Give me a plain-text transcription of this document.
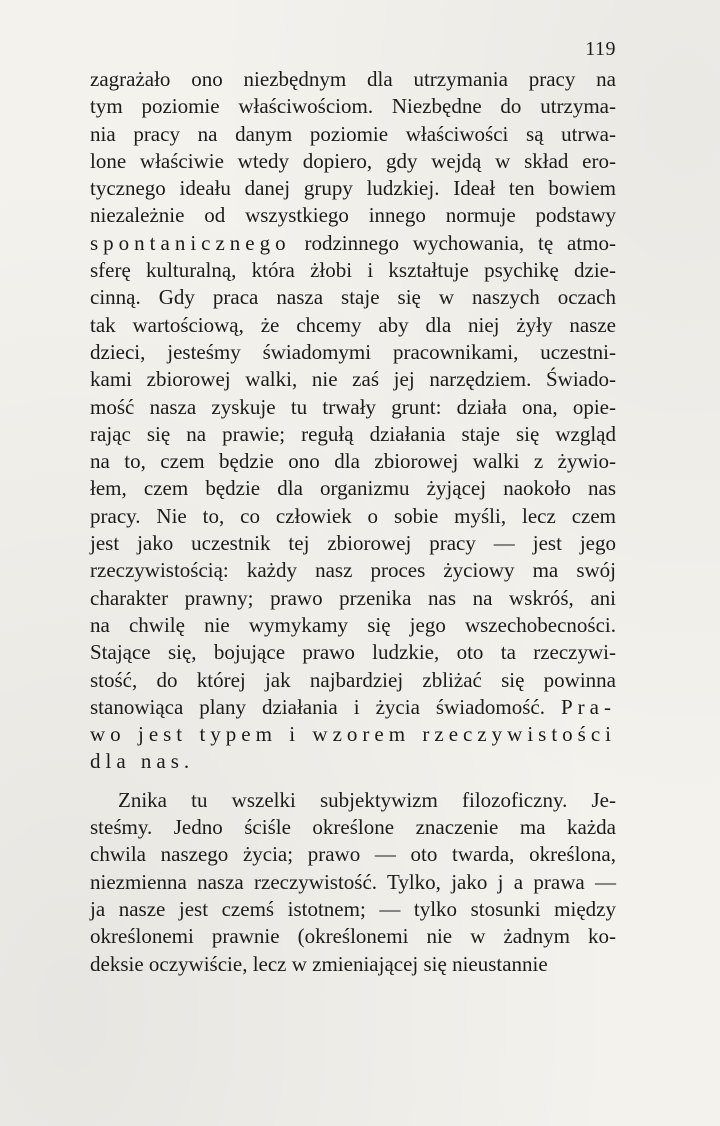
119
zagrażało ono niezbędnym dla utrzymania pracy na
tym poziomie właściwościom. Niezbędne do utrzyma-
nia pracy na danym poziomie właściwości są utrwa-
lone właściwie wtedy dopiero, gdy wejdą w skład ero-
tycznego ideału danej grupy ludzkiej. Ideał ten bowiem
niezależnie od wszystkiego innego normuje podstawy
spontanicznego rodzinnego wychowania, tę atmo-
sferę kulturalną, która żłobi i kształtuje psychikę dzie-
cinną. Gdy praca nasza staje się w naszych oczach
tak wartościową, że chcemy aby dla niej żyły nasze
dzieci, jesteśmy świadomymi pracownikami, uczestni-
kami zbiorowej walki, nie zaś jej narzędziem. Świado-
mość nasza zyskuje tu trwały grunt: działa ona, opie-
rając się na prawie; regułą działania staje się wzgląd
na to, czem będzie ono dla zbiorowej walki z żywio-
łem, czem będzie dla organizmu żyjącej naokoło nas
pracy. Nie to, co człowiek o sobie myśli, lecz czem
jest jako uczestnik tej zbiorowej pracy — jest jego
rzeczywistością: każdy nasz proces życiowy ma swój
charakter prawny; prawo przenika nas na wskróś, ani
na chwilę nie wymykamy się jego wszechobecności.
Stające się, bojujące prawo ludzkie, oto ta rzeczywi-
stość, do której jak najbardziej zbliżać się powinna
stanowiąca plany działania i życia świadomość. Pra-
wo jest typem i wzorem rzeczywistości
dla nas.
Znika tu wszelki subjektywizm filozoficzny. Je-
steśmy. Jedno ściśle określone znaczenie ma każda
chwila naszego życia; prawo — oto twarda, określona,
niezmienna nasza rzeczywistość. Tylko, jako j a prawa —
ja nasze jest czemś istotnem; — tylko stosunki między
określonemi prawnie (określonemi nie w żadnym ko-
deksie oczywiście, lecz w zmieniającej się nieustannie
